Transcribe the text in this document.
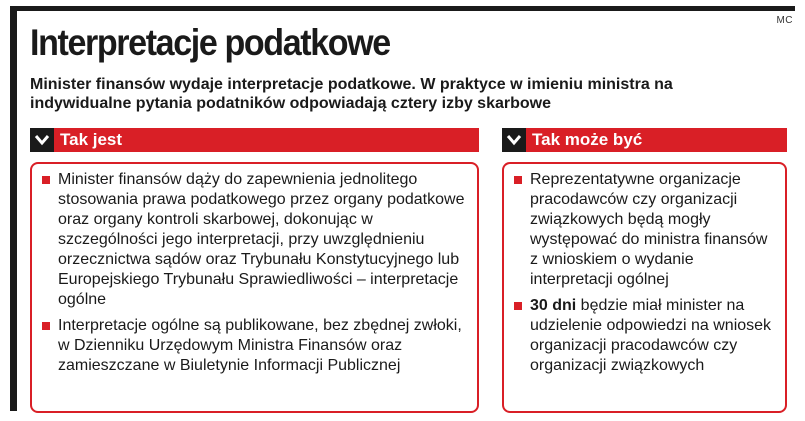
MC
Interpretacje podatkowe
Minister finansów wydaje interpretacje podatkowe. W praktyce w imieniu ministra na indywidualne pytania podatników odpowiadają cztery izby skarbowe
Tak jest
Minister finansów dąży do zapewnienia jednolitego stosowania prawa podatkowego przez organy podatkowe oraz organy kontroli skarbowej, dokonując w szczególności jego interpretacji, przy uwzględnieniu orzecznictwa sądów oraz Trybunału Konstytucyjnego lub Europejskiego Trybunału Sprawiedliwości – interpretacje ogólne
Interpretacje ogólne są publikowane, bez zbędnej zwłoki, w Dzienniku Urzędowym Ministra Finansów oraz zamieszczane w Biuletynie Informacji Publicznej
Tak może być
Reprezentatywne organizacje pracodawców czy organizacji związkowych będą mogły występować do ministra finansów z wnioskiem o wydanie interpretacji ogólnej
30 dni będzie miał minister na udzielenie odpowiedzi na wniosek organizacji pracodawców czy organizacji związkowych
